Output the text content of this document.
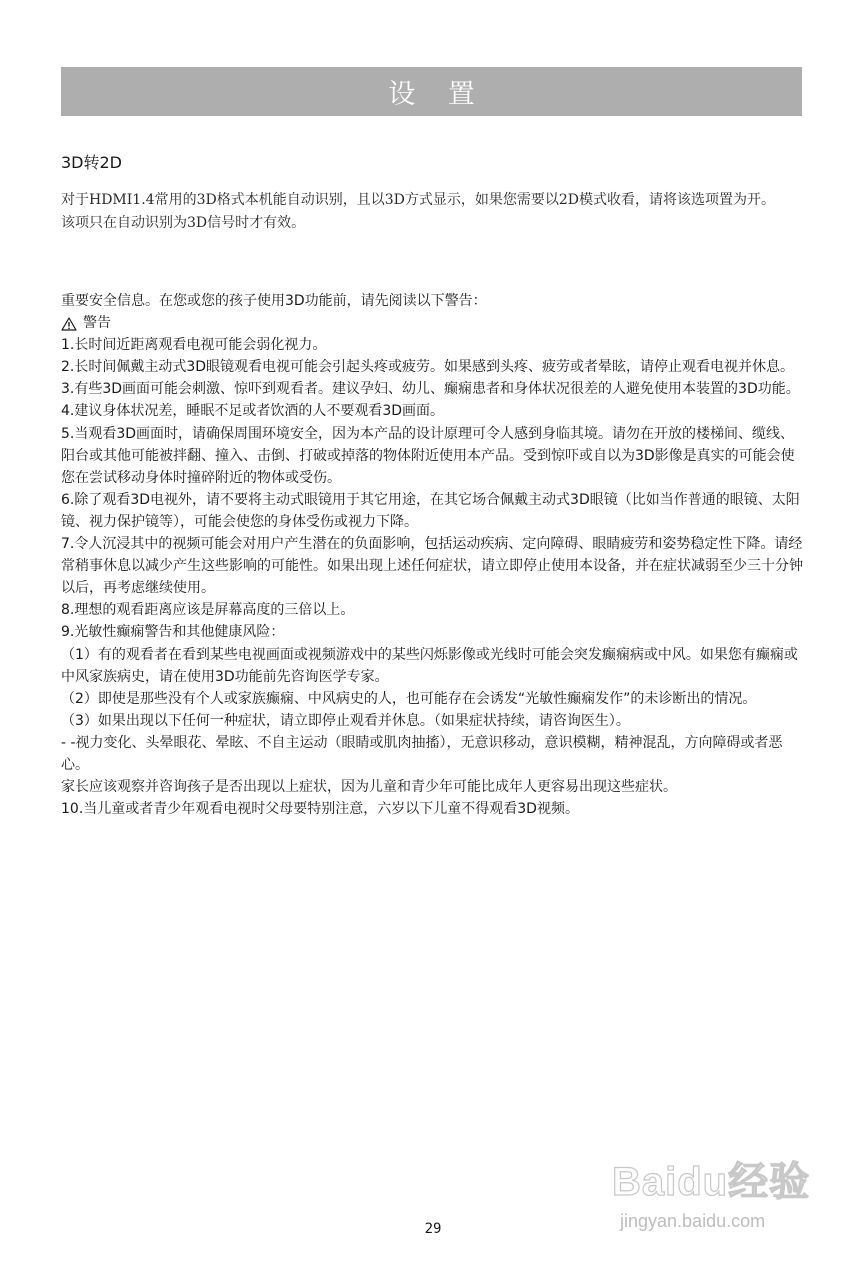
设 置
3D转2D

对于HDMI1.4常用的3D格式本机能自动识别，且以3D方式显示，如果您需要以2D模式收看，请将该选项置为开。

该项只在自动识别为3D信号时才有效。

重要安全信息。在您或您的孩子使用3D功能前，请先阅读以下警告：

警告

1.长时间近距离观看电视可能会弱化视力。

2.长时间佩戴主动式3D眼镜观看电视可能会引起头疼或疲劳。如果感到头疼、疲劳或者晕眩，请停止观看电视并休息。

3.有些3D画面可能会刺激、惊吓到观看者。建议孕妇、幼儿、癫痫患者和身体状况很差的人避免使用本装置的3D功能。

4.建议身体状况差，睡眠不足或者饮酒的人不要观看3D画面。

5.当观看3D画面时，请确保周围环境安全，因为本产品的设计原理可令人感到身临其境。请勿在开放的楼梯间、缆线、阳台或其他可能被拌翻、撞入、击倒、打破或掉落的物体附近使用本产品。受到惊吓或自以为3D影像是真实的可能会使您在尝试移动身体时撞碎附近的物体或受伤。

6.除了观看3D电视外，请不要将主动式眼镜用于其它用途，在其它场合佩戴主动式3D眼镜（比如当作普通的眼镜、太阳镜、视力保护镜等），可能会使您的身体受伤或视力下降。

7.令人沉浸其中的视频可能会对用户产生潜在的负面影响，包括运动疾病、定向障碍、眼睛疲劳和姿势稳定性下降。请经常稍事休息以减少产生这些影响的可能性。如果出现上述任何症状，请立即停止使用本设备，并在症状减弱至少三十分钟以后，再考虑继续使用。

8.理想的观看距离应该是屏幕高度的三倍以上。

9.光敏性癫痫警告和其他健康风险：

（1）有的观看者在看到某些电视画面或视频游戏中的某些闪烁影像或光线时可能会突发癫痫病或中风。如果您有癫痫或中风家族病史，请在使用3D功能前先咨询医学专家。

（2）即使是那些没有个人或家族癫痫、中风病史的人，也可能存在会诱发“光敏性癫痫发作”的未诊断出的情况。

（3）如果出现以下任何一种症状，请立即停止观看并休息。（如果症状持续，请咨询医生）。

- -视力变化、头晕眼花、晕眩、不自主运动（眼睛或肌肉抽搐），无意识移动，意识模糊，精神混乱，方向障碍或者恶心。

家长应该观察并咨询孩子是否出现以上症状，因为儿童和青少年可能比成年人更容易出现这些症状。

10.当儿童或者青少年观看电视时父母要特别注意，六岁以下儿童不得观看3D视频。

Baidu经验
jingyan.baidu.com
29
